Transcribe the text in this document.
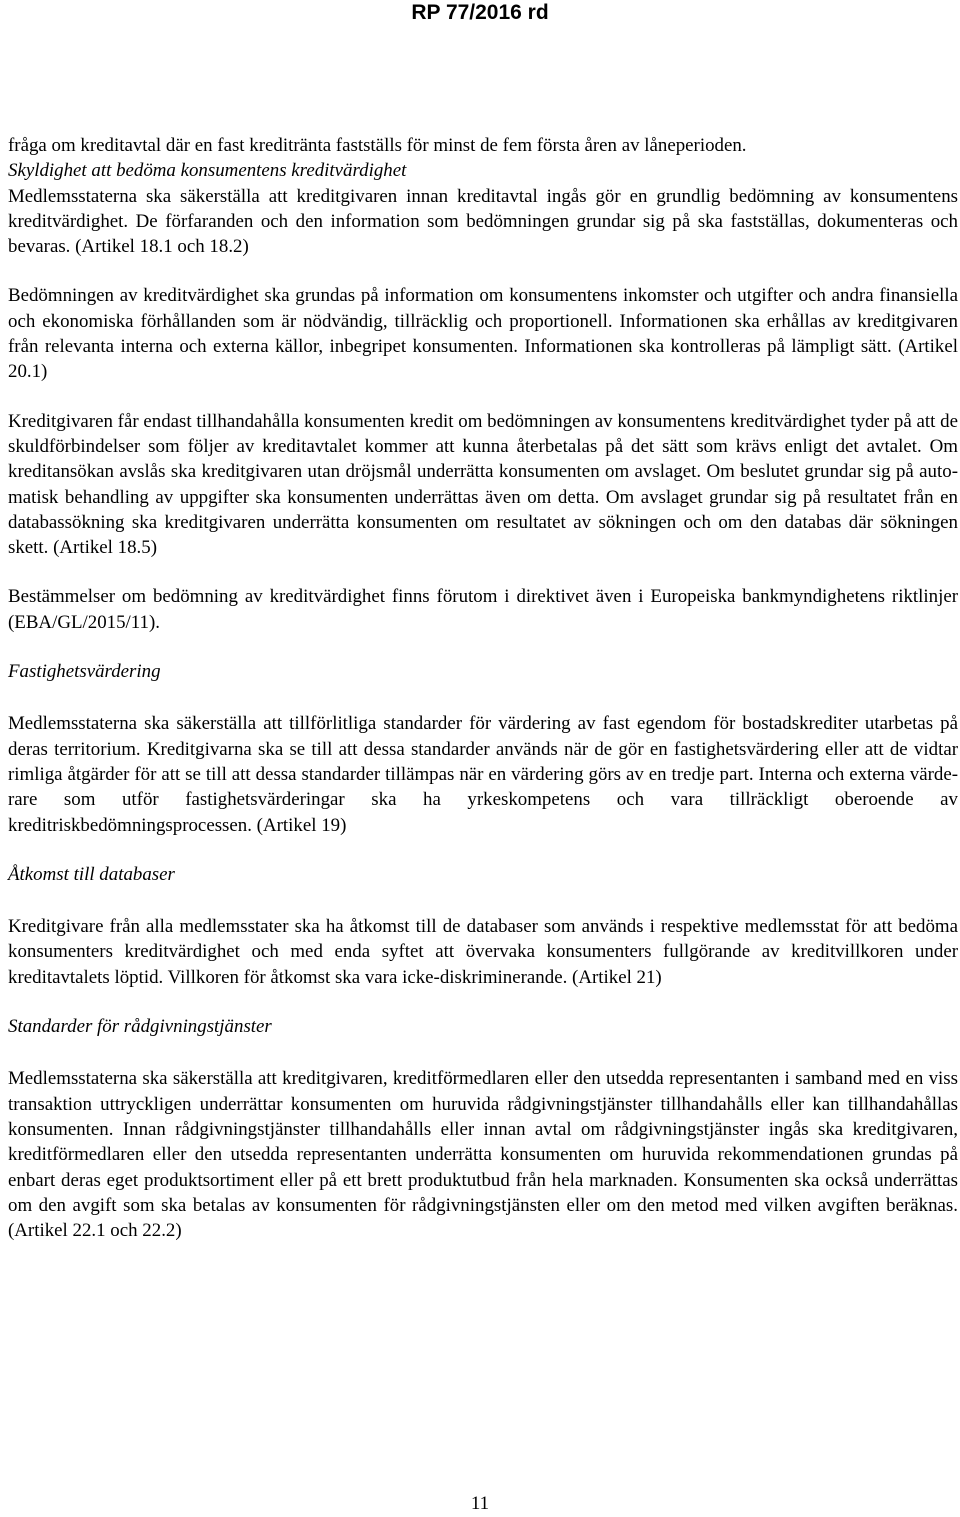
RP 77/2016 rd

fråga om kreditavtal där en fast kreditränta fastställs för minst de fem första åren av låneperioden.

Skyldighet att bedöma konsumentens kreditvärdighet

Medlemsstaterna ska säkerställa att kreditgivaren innan kreditavtal ingås gör en grundlig bedömning av konsumentens kreditvärdighet. De förfaranden och den information som bedömningen grundar sig på ska fastställas, dokumenteras och bevaras. (Artikel 18.1 och 18.2)

Bedömningen av kreditvärdighet ska grundas på information om konsumentens inkomster och utgifter och andra finansiella och ekonomiska förhållanden som är nödvändig, tillräcklig och proportionell. Informationen ska erhållas av kreditgivaren från relevanta interna och externa källor, inbegripet konsumenten. Informationen ska kontrolleras på lämpligt sätt. (Artikel 20.1)

Kreditgivaren får endast tillhandahålla konsumenten kredit om bedömningen av konsumentens kreditvärdighet tyder på att de skuldförbindelser som följer av kreditavtalet kommer att kunna återbetalas på det sätt som krävs enligt det avtalet. Om kreditansökan avslås ska kreditgivaren utan dröjsmål underrätta konsumenten om avslaget. Om beslutet grundar sig på automatisk behandling av uppgifter ska konsumenten underrättas även om detta. Om avslaget grundar sig på resultatet från en databassökning ska kreditgivaren underrätta konsumenten om resultatet av sökningen och om den databas där sökningen skett. (Artikel 18.5)

Bestämmelser om bedömning av kreditvärdighet finns förutom i direktivet även i Europeiska bankmyndighetens riktlinjer (EBA/GL/2015/11).

Fastighetsvärdering

Medlemsstaterna ska säkerställa att tillförlitliga standarder för värdering av fast egendom för bostadskrediter utarbetas på deras territorium. Kreditgivarna ska se till att dessa standarder används när de gör en fastighetsvärdering eller att de vidtar rimliga åtgärder för att se till att dessa standarder tillämpas när en värdering görs av en tredje part. Interna och externa värderare som utför fastighetsvärderingar ska ha yrkeskompetens och vara tillräckligt oberoende av kreditriskbedömningsprocessen. (Artikel 19)

Åtkomst till databaser

Kreditgivare från alla medlemsstater ska ha åtkomst till de databaser som används i respektive medlemsstat för att bedöma konsumenters kreditvärdighet och med enda syftet att övervaka konsumenters fullgörande av kreditvillkoren under kreditavtalets löptid. Villkoren för åtkomst ska vara icke-diskriminerande. (Artikel 21)

Standarder för rådgivningstjänster

Medlemsstaterna ska säkerställa att kreditgivaren, kreditförmedlaren eller den utsedda representanten i samband med en viss transaktion uttryckligen underrättar konsumenten om huruvida rådgivningstjänster tillhandahålls eller kan tillhandahållas konsumenten. Innan rådgivningstjänster tillhandahålls eller innan avtal om rådgivningstjänster ingås ska kreditgivaren, kreditförmedlaren eller den utsedda representanten underrätta konsumenten om huruvida rekommendationen grundas på enbart deras eget produktsortiment eller på ett brett produktutbud från hela marknaden. Konsumenten ska också underrättas om den avgift som ska betalas av konsumenten för rådgivningstjänsten eller om den metod med vilken avgiften beräknas. (Artikel 22.1 och 22.2)

11
